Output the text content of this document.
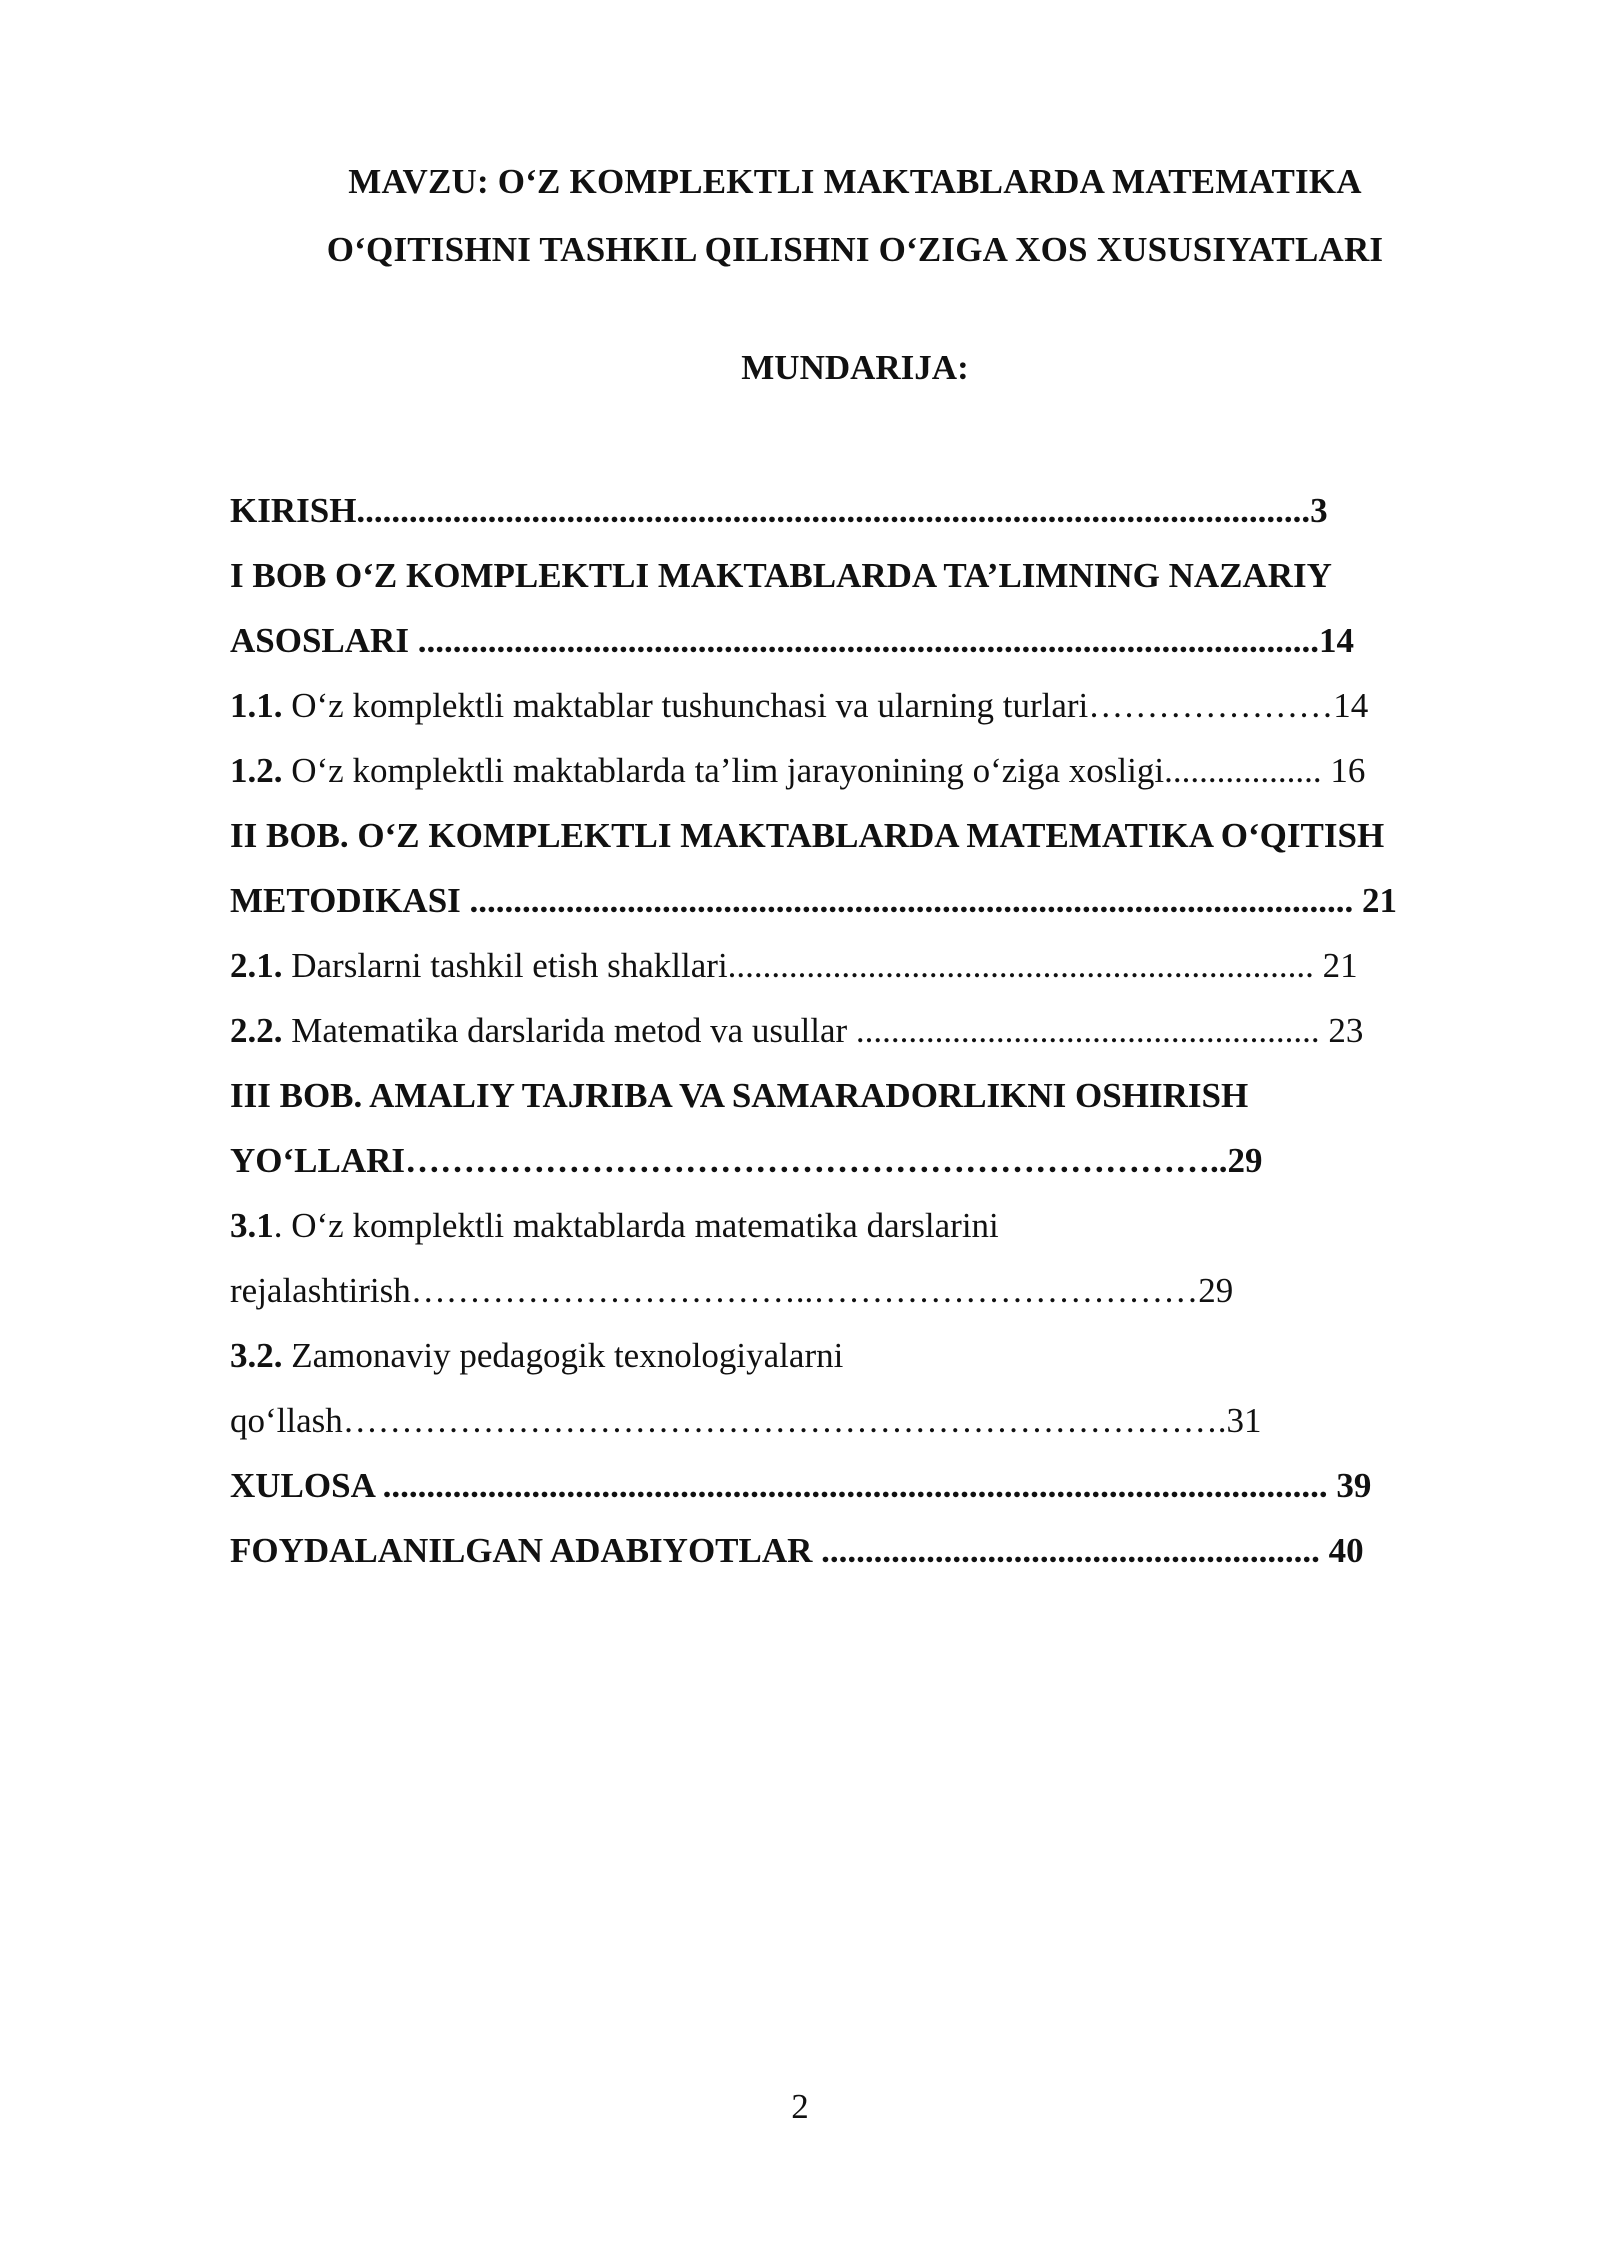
MAVZU: O‘Z KOMPLEKTLI MAKTABLARDA MATEMATIKA
O‘QITISHNI TASHKIL QILISHNI O‘ZIGA XOS XUSUSIYATLARI
MUNDARIJA:
KIRISH.............................................................................................................3
I BOB O‘Z KOMPLEKTLI MAKTABLARDA TA’LIMNING NAZARIY
ASOSLARI .......................................................................................................14
1.1. O‘z komplektli maktablar tushunchasi va ularning turlari…………………14
1.2. O‘z komplektli maktablarda ta’lim jarayonining o‘ziga xosligi.................. 16
II BOB. O‘Z KOMPLEKTLI MAKTABLARDA MATEMATIKA O‘QITISH
METODIKASI ..................................................................................................... 21
2.1. Darslarni tashkil etish shakllari................................................................... 21
2.2. Matematika darslarida metod va usullar ..................................................... 23
III BOB. AMALIY TAJRIBA VA SAMARADORLIKNI OSHIRISH
YO‘LLARI……………………………………………………………..29
3.1. O‘z komplektli maktablarda matematika darslarini
rejalashtirish……………………………..……………………………29
3.2. Zamonaviy pedagogik texnologiyalarni
qo‘llash………………………………………………………………….31
XULOSA ............................................................................................................ 39
FOYDALANILGAN ADABIYOTLAR ......................................................... 40
2
